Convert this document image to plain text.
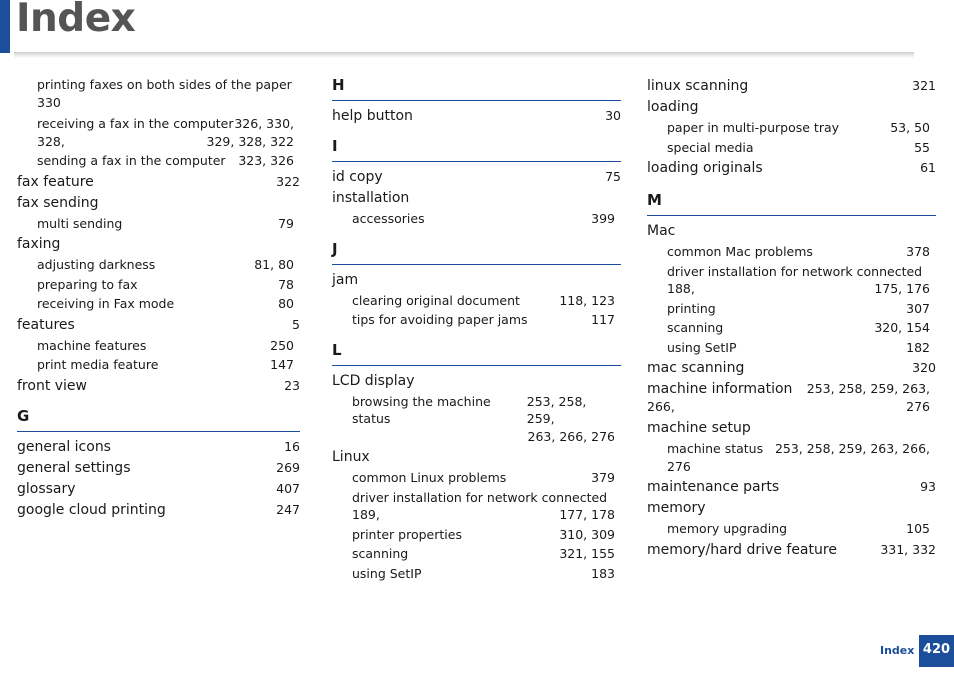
Index
printing faxes on both sides of the paper
330
receiving a fax in the computer 326, 330,
328,	329, 328, 322
sending a fax in the computer	323, 326
fax feature	322
fax sending
multi sending	79
faxing
adjusting darkness	81, 80
preparing to fax	78
receiving in Fax mode	80
features	5
machine features	250
print media feature	147
front view	23
G
general icons	16
general settings	269
glossary	407
google cloud printing	247
H
help button	30
I
id copy	75
installation
accessories	399
J
jam
clearing original document	118, 123
tips for avoiding paper jams	117
L
LCD display
browsing the machine status
253, 258, 259,
263, 266, 276
Linux
common Linux problems	379
driver installation for network connected
189,	177, 178
printer properties	310, 309
scanning	321, 155
using SetIP	183
linux scanning	321
loading
paper in multi-purpose tray	53, 50
special media	55
loading originals	61
M
Mac
common Mac problems	378
driver installation for network connected
188,	175, 176
printing	307
scanning	320, 154
using SetIP	182
mac scanning	320
machine information 253, 258, 259, 263,
266,	276
machine setup
machine status 253, 258, 259, 263, 266,
276
maintenance parts	93
memory
memory upgrading	105
memory/hard drive feature	331, 332
Index 420
